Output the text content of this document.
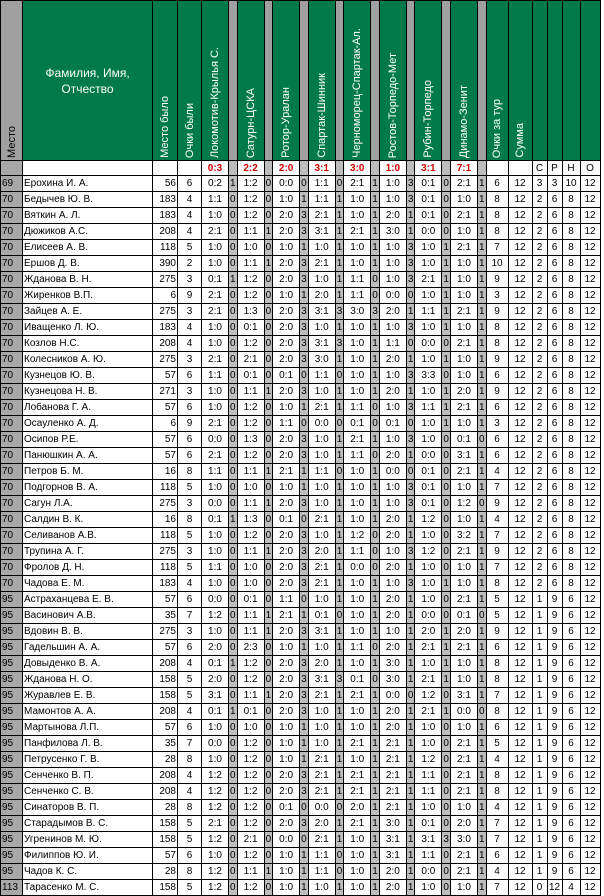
Место	Фамилия, Имя, Отчество	Место было	Очки были	Локомотив-Крылья С.		Сатурн-ЦСКА		Ротор-Уралан		Спартак-Шинник		Черноморец-Спартак-Ал.		Ростов-Торпедо-Мет		Рубин-Торпедо		Динамо-Зенит		Очки за тур	Сумма				

				0:3		2:2		2:0		3:1		3:0		1:0		3:1		7:1				С	Р	Н	О
69	Ерохина И. А.	56	6	0:2	1	1:2	0	0:0	0	1:1	0	2:1	1	1:0	3	0:1	0	2:1	1	6	12	3	3	10	12
70	Бедычев Ю. В.	183	4	1:1	0	1:2	0	1:0	1	1:1	1	1:0	1	1:0	3	0:1	0	1:0	1	8	12	2	6	8	12
70	Вяткин А. Л.	183	4	1:0	0	1:2	0	2:0	3	2:1	1	1:0	1	2:0	1	0:1	0	2:1	1	8	12	2	6	8	12
70	Дюжиков А.С.	208	4	2:1	0	1:1	1	2:0	3	3:1	1	2:1	1	3:0	1	0:0	0	1:0	1	8	12	2	6	8	12
70	Елисеев А. В.	118	5	1:0	0	1:0	0	1:0	1	1:0	1	1:0	1	1:0	3	1:0	1	2:1	1	7	12	2	6	8	12
70	Ершов Д. В.	390	2	1:0	0	1:1	1	2:0	3	2:1	1	1:0	1	1:0	3	1:0	1	1:0	1	10	12	2	6	8	12
70	Жданова В. Н.	275	3	0:1	1	1:2	0	2:0	3	1:0	1	1:1	0	1:0	3	2:1	1	1:0	1	9	12	2	6	8	12
70	Жиренков В.П.	6	9	2:1	0	1:2	0	1:0	1	2:0	1	1:1	0	0:0	0	1:0	1	1:0	1	3	12	2	6	8	12
70	Зайцев А. Е.	275	3	2:1	0	1:3	0	2:0	3	3:1	3	3:0	3	2:0	1	1:1	1	2:1	1	9	12	2	6	8	12
70	Иващенко Л. Ю.	183	4	1:0	0	0:1	0	2:0	3	1:0	1	1:0	1	1:0	3	1:0	1	1:0	1	8	12	2	6	8	12
70	Козлов Н.С.	208	4	1:0	0	1:2	0	2:0	3	3:1	3	1:0	1	1:1	0	0:0	0	2:1	1	8	12	2	6	8	12
70	Колесников А. Ю.	275	3	2:1	0	2:1	0	2:0	3	3:0	1	1:0	1	2:0	1	1:0	1	1:0	1	9	12	2	6	8	12
70	Кузнецов Ю. В.	57	6	1:1	0	0:1	0	0:1	0	1:1	0	1:0	1	1:0	3	3:3	0	1:0	1	6	12	2	6	8	12
70	Кузнецова Н. В.	271	3	1:0	0	1:1	1	2:0	3	1:0	1	1:0	1	2:0	1	1:0	1	2:0	1	9	12	2	6	8	12
70	Лобанова Г. А.	57	6	1:0	0	1:2	0	1:0	1	2:1	1	1:1	0	1:0	3	1:1	1	2:1	1	6	12	2	6	8	12
70	Осауленко А. Д.	6	9	2:1	0	1:2	0	1:1	0	0:0	0	0:1	0	0:1	0	1:0	1	1:0	1	3	12	2	6	8	12
70	Осипов Р.Е.	57	6	0:0	0	1:3	0	2:0	3	1:0	1	2:1	1	1:0	3	1:0	0	0:1	0	6	12	2	6	8	12
70	Панюшкин А. А.	57	6	2:1	0	1:2	0	2:0	3	1:0	1	1:1	0	2:0	1	0:0	0	3:1	1	6	12	2	6	8	12
70	Петров Б. М.	16	8	1:1	0	1:1	1	2:1	1	1:1	0	1:0	1	0:0	0	0:1	0	2:1	1	4	12	2	6	8	12
70	Подгорнов В. А.	118	5	1:0	0	1:0	0	1:0	1	1:0	1	1:0	1	1:0	3	0:1	0	1:0	1	7	12	2	6	8	12
70	Сагун Л.А.	275	3	0:0	0	1:1	1	2:0	3	1:0	1	1:0	1	1:0	3	0:1	0	1:2	0	9	12	2	6	8	12
70	Салдин В. К.	16	8	0:1	1	1:3	0	0:1	0	2:1	1	1:0	1	2:0	1	1:2	0	1:0	1	4	12	2	6	8	12
70	Селиванов А.В.	118	5	1:0	0	1:2	0	2:0	3	1:0	1	1:2	0	2:0	1	1:0	0	3:2	1	7	12	2	6	8	12
70	Трупина А. Г.	275	3	1:0	0	1:1	1	2:0	3	2:0	1	1:1	0	1:0	3	1:2	0	2:1	1	9	12	2	6	8	12
70	Фролов Д. Н.	118	5	1:1	0	1:0	0	2:0	3	2:1	1	0:0	0	2:0	1	1:0	0	1:0	1	7	12	2	6	8	12
70	Чадова Е. М.	183	4	1:0	0	1:0	0	2:0	3	2:1	1	1:0	1	1:0	3	1:0	1	1:0	1	8	12	2	6	8	12
95	Астраханцева Е. В.	57	6	0:0	0	0:1	0	1:1	0	1:0	1	1:0	1	2:0	1	1:0	0	2:1	1	5	12	1	9	6	12
95	Васинович А.В.	35	7	1:2	0	1:1	1	2:1	1	0:1	0	1:0	1	2:0	1	0:0	0	0:1	0	5	12	1	9	6	12
95	Вдовин В. В.	275	3	1:0	0	1:1	1	2:0	3	3:1	1	1:0	1	1:0	1	2:0	1	2:0	1	9	12	1	9	6	12
95	Гадельшин А. А.	57	6	2:0	0	2:3	0	1:0	1	1:0	1	1:1	0	2:0	1	2:1	1	2:1	1	6	12	1	9	6	12
95	Довыденко В. А.	208	4	0:1	1	1:2	0	2:0	3	2:0	1	1:0	1	3:0	1	1:0	1	1:0	1	8	12	1	9	6	12
95	Жданова Н. О.	158	5	2:0	0	1:2	0	2:0	3	3:1	3	0:1	0	3:0	1	2:1	1	1:0	1	8	12	1	9	6	12
95	Журавлев Е. В.	158	5	3:1	0	1:1	1	2:0	3	2:1	1	2:1	1	0:0	0	1:2	0	3:1	1	7	12	1	9	6	12
95	Мамонтов А. А.	208	4	0:1	1	0:1	0	2:0	3	1:0	1	1:0	1	2:0	1	2:1	1	0:0	0	8	12	1	9	6	12
95	Мартынова Л.П.	57	6	1:0	0	1:0	0	1:0	1	1:0	1	1:0	1	2:0	1	1:0	0	1:0	1	6	12	1	9	6	12
95	Панфилова Л. В.	35	7	0:0	0	1:2	0	1:0	1	1:0	1	2:1	1	2:1	1	1:0	0	2:1	1	5	12	1	9	6	12
95	Петрусенко Г. В.	28	8	1:0	0	1:2	0	1:0	1	2:1	1	1:0	1	2:1	1	1:2	0	2:1	1	4	12	1	9	6	12
95	Сенченко В. П.	208	4	1:2	0	1:2	0	2:0	3	2:1	1	2:1	1	2:1	1	1:1	0	2:1	1	8	12	1	9	6	12
95	Сенченко С. В.	208	4	1:2	0	1:2	0	2:0	3	2:1	1	2:1	1	2:1	1	1:1	0	2:1	1	8	12	1	9	6	12
95	Синаторов В. П.	28	8	1:2	0	1:2	0	0:1	0	0:0	0	2:0	1	2:1	1	1:0	0	1:0	1	4	12	1	9	6	12
95	Старадымов В. С.	158	5	2:1	0	1:2	0	2:0	3	2:0	1	2:1	1	3:0	1	0:1	0	2:0	1	7	12	1	9	6	12
95	Угренинов М. Ю.	158	5	1:2	0	2:1	0	0:0	0	2:1	1	1:0	1	3:1	1	3:1	3	3:0	1	7	12	1	9	6	12
95	Филиппов Ю. И.	57	6	1:0	0	1:2	0	1:0	1	1:1	0	1:0	1	3:1	1	1:1	0	2:1	1	6	12	1	9	6	12
95	Чадов К. С.	28	8	1:2	0	1:1	1	1:0	1	1:1	0	1:0	1	2:0	1	0:0	0	2:1	1	4	12	1	9	6	12
113	Тарасенко М. С.	158	5	1:2	0	1:2	0	1:0	1	1:0	1	1:0	1	2:0	1	1:0	0	1:0	1	7	12	0	12	4	12
